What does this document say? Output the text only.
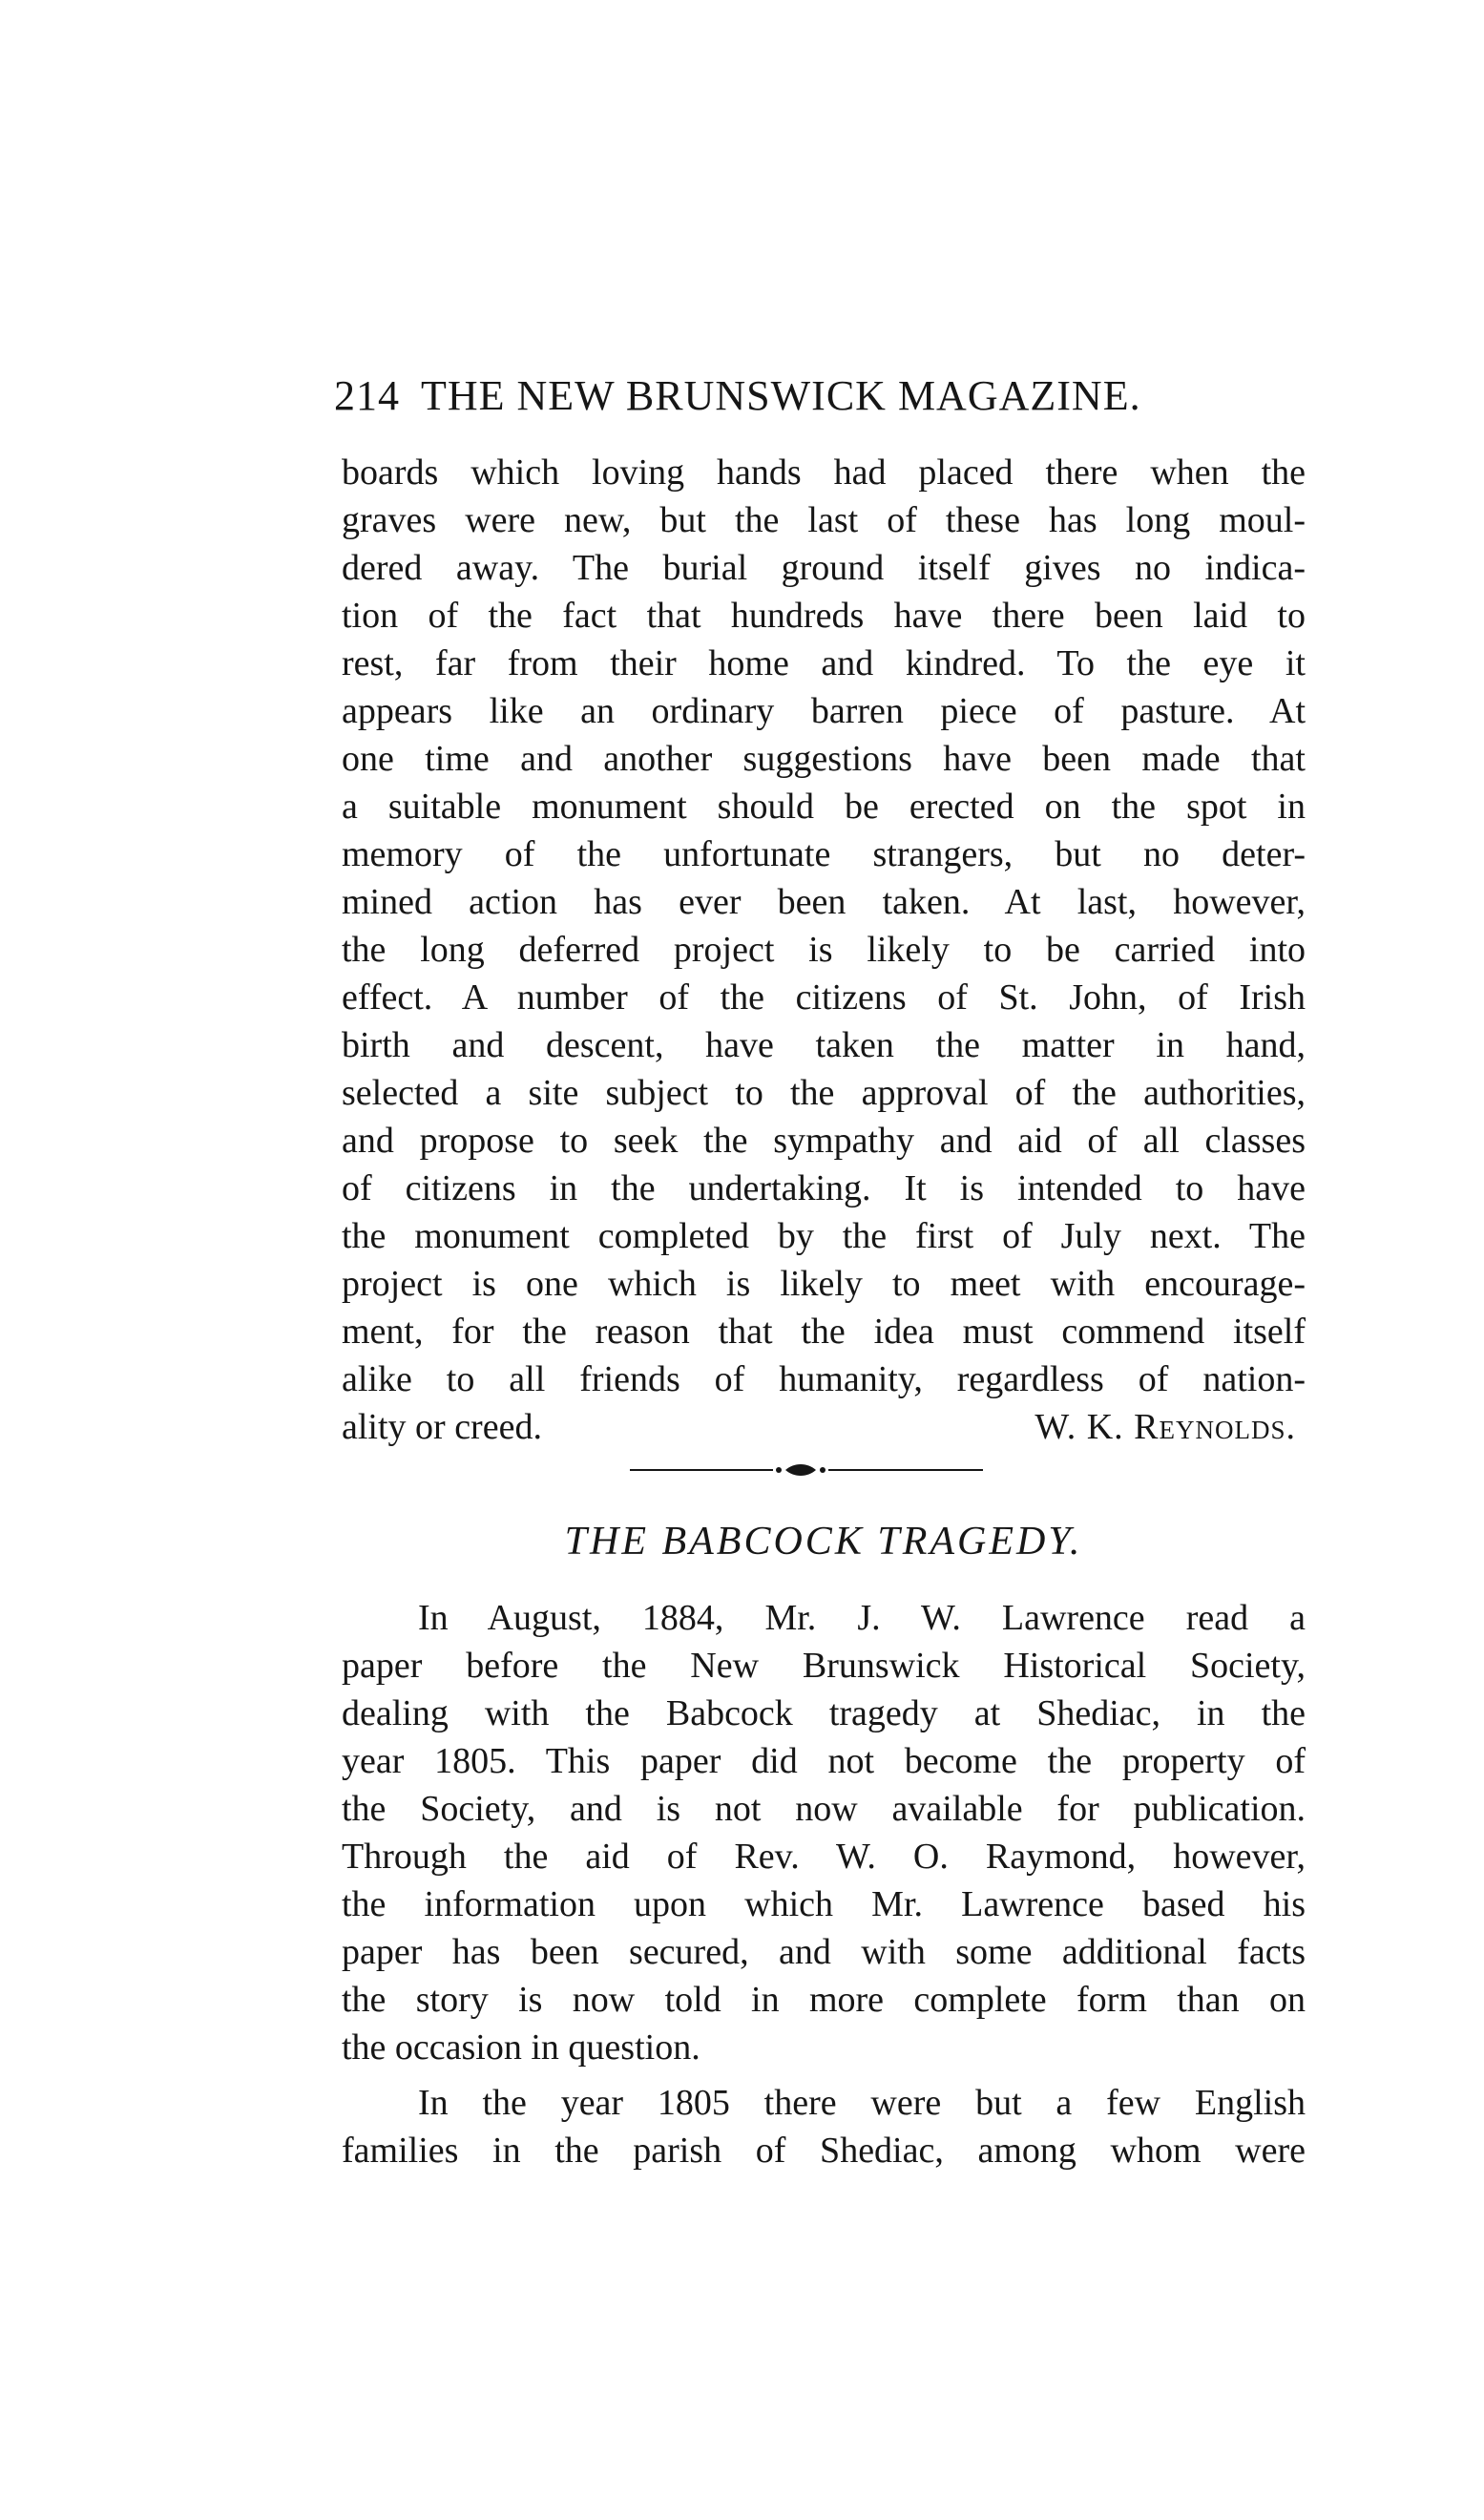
214 THE NEW BRUNSWICK MAGAZINE.
boards which loving hands had placed there when the
graves were new, but the last of these has long moul-
dered away. The burial ground itself gives no indica-
tion of the fact that hundreds have there been laid to
rest, far from their home and kindred. To the eye it
appears like an ordinary barren piece of pasture. At
one time and another suggestions have been made that
a suitable monument should be erected on the spot in
memory of the unfortunate strangers, but no deter-
mined action has ever been taken. At last, however,
the long deferred project is likely to be carried into
effect. A number of the citizens of St. John, of Irish
birth and descent, have taken the matter in hand,
selected a site subject to the approval of the authorities,
and propose to seek the sympathy and aid of all classes
of citizens in the undertaking. It is intended to have
the monument completed by the first of July next. The
project is one which is likely to meet with encourage-
ment, for the reason that the idea must commend itself
alike to all friends of humanity, regardless of nation-
ality or creed.	W. K. Reynolds.
THE BABCOCK TRAGEDY.
In August, 1884, Mr. J. W. Lawrence read a
paper before the New Brunswick Historical Society,
dealing with the Babcock tragedy at Shediac, in the
year 1805. This paper did not become the property of
the Society, and is not now available for publication.
Through the aid of Rev. W. O. Raymond, however,
the information upon which Mr. Lawrence based his
paper has been secured, and with some additional facts
the story is now told in more complete form than on
the occasion in question.
In the year 1805 there were but a few English
families in the parish of Shediac, among whom were
